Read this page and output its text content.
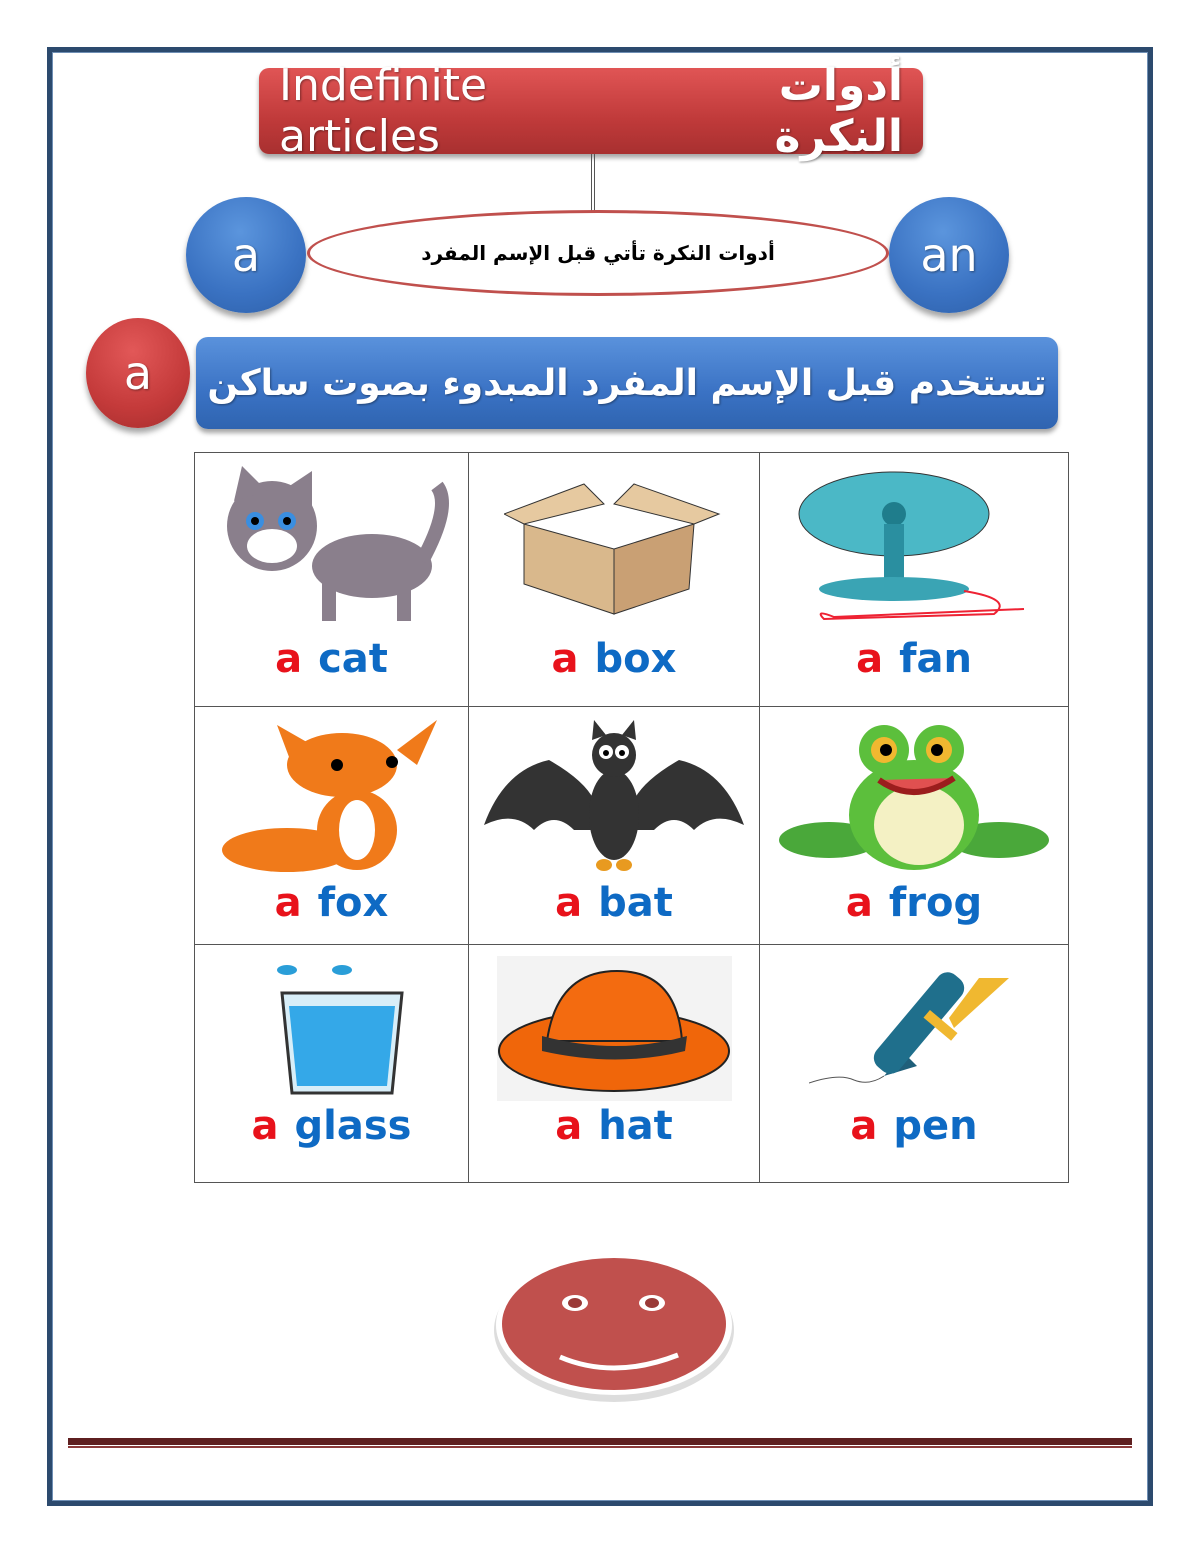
Indefinite articles
أدوات النكرة
a	an
أدوات النكرة تأتي قبل الإسم المفرد
a تستخدم قبل الإسم المفرد المبدوء بصوت ساكن
a cat	a box	a fan

a fox	a bat	a frog

a glass	a hat	a pen
